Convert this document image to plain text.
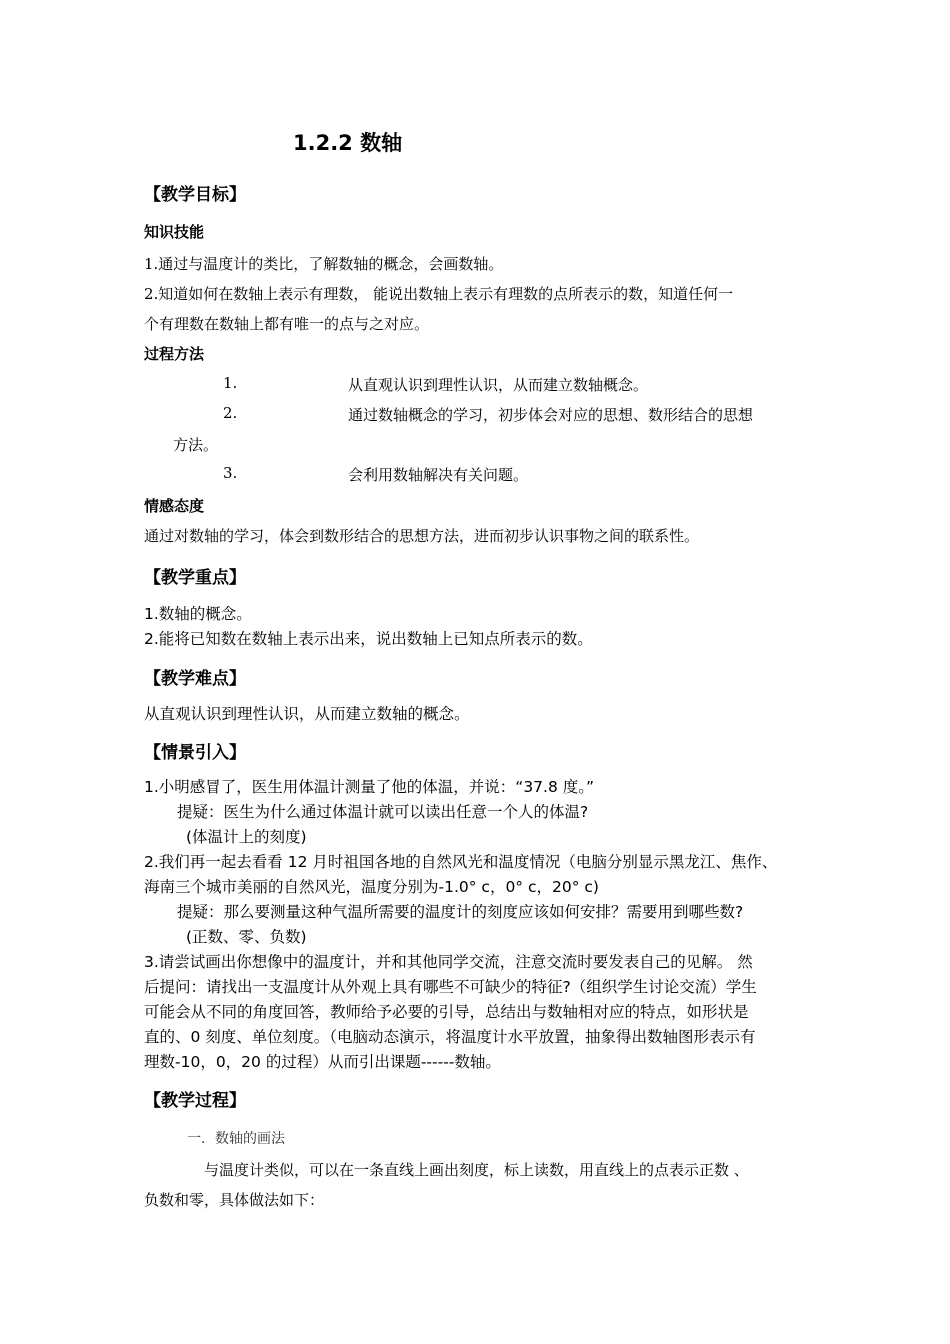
1.2.2 数轴
【教学目标】
知识技能
1.通过与温度计的类比，了解数轴的概念，会画数轴。
2.知道如何在数轴上表示有理数， 能说出数轴上表示有理数的点所表示的数，知道任何一
个有理数在数轴上都有唯一的点与之对应。
过程方法
1.	从直观认识到理性认识，从而建立数轴概念。
2.	通过数轴概念的学习，初步体会对应的思想、数形结合的思想
方法。
3.	会利用数轴解决有关问题。
情感态度
通过对数轴的学习，体会到数形结合的思想方法，进而初步认识事物之间的联系性。
【教学重点】
1.数轴的概念。
2.能将已知数在数轴上表示出来，说出数轴上已知点所表示的数。
【教学难点】
从直观认识到理性认识，从而建立数轴的概念。
【情景引入】
1.小明感冒了，医生用体温计测量了他的体温，并说：“37.8 度。”
提疑：医生为什么通过体温计就可以读出任意一个人的体温?
(体温计上的刻度)
2.我们再一起去看看 12 月时祖国各地的自然风光和温度情况（电脑分别显示黑龙江、焦作、
海南三个城市美丽的自然风光，温度分别为-1.0° c，0° c，20° c)
提疑：那么要测量这种气温所需要的温度计的刻度应该如何安排？需要用到哪些数?
(正数、零、负数)
3.请尝试画出你想像中的温度计，并和其他同学交流，注意交流时要发表自己的见解。 然
后提问：请找出一支温度计从外观上具有哪些不可缺少的特征?（组织学生讨论交流）学生
可能会从不同的角度回答，教师给予必要的引导，总结出与数轴相对应的特点，如形状是
直的、0 刻度、单位刻度。（电脑动态演示，将温度计水平放置，抽象得出数轴图形表示有
理数-10，0，20 的过程）从而引出课题------数轴。
【教学过程】
一．数轴的画法
与温度计类似，可以在一条直线上画出刻度，标上读数，用直线上的点表示正数 、
负数和零，具体做法如下：
